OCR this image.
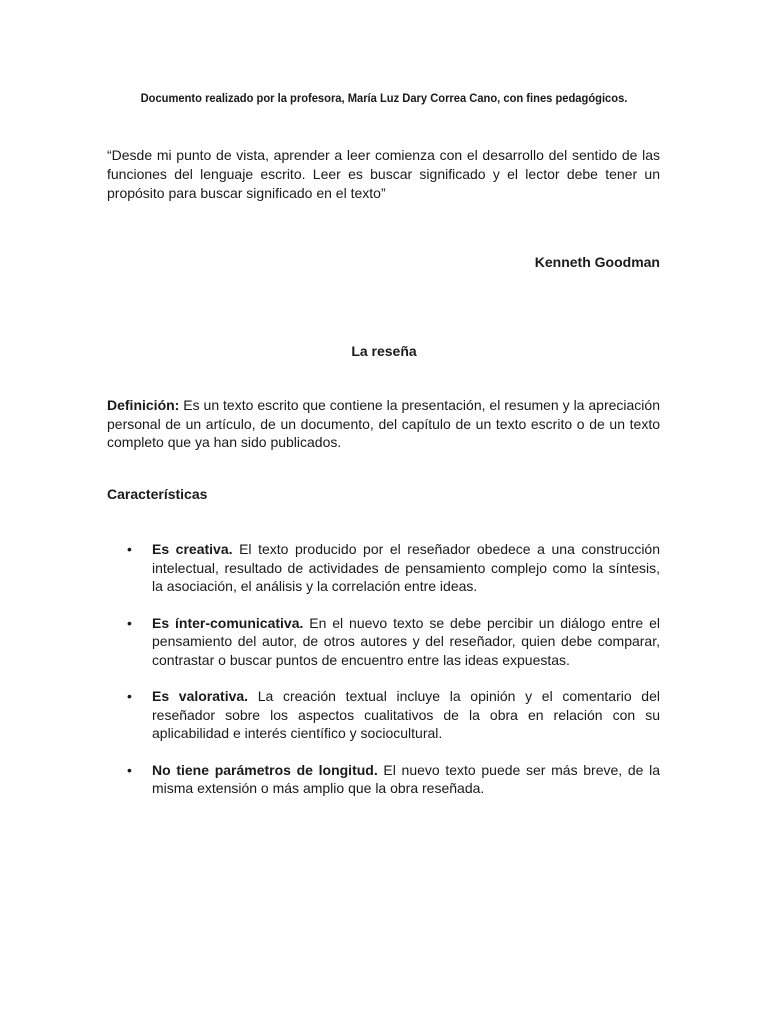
Documento realizado por la profesora, María Luz Dary Correa Cano, con fines pedagógicos.
“Desde mi punto de vista, aprender a leer comienza con el desarrollo del sentido de las funciones del lenguaje escrito. Leer es buscar significado y el lector debe tener un propósito para buscar significado en el texto”
Kenneth Goodman
La reseña
Definición: Es un texto escrito que contiene la presentación, el resumen y la apreciación personal de un artículo, de un documento, del capítulo de un texto escrito o de un texto completo que ya han sido publicados.
Características
• Es creativa. El texto producido por el reseñador obedece a una construcción intelectual, resultado de actividades de pensamiento complejo como la síntesis, la asociación, el análisis y la correlación entre ideas.
• Es ínter-comunicativa. En el nuevo texto se debe percibir un diálogo entre el pensamiento del autor, de otros autores y del reseñador, quien debe comparar, contrastar o buscar puntos de encuentro entre las ideas expuestas.
• Es valorativa. La creación textual incluye la opinión y el comentario del reseñador sobre los aspectos cualitativos de la obra en relación con su aplicabilidad e interés científico y sociocultural.
• No tiene parámetros de longitud. El nuevo texto puede ser más breve, de la misma extensión o más amplio que la obra reseñada.
